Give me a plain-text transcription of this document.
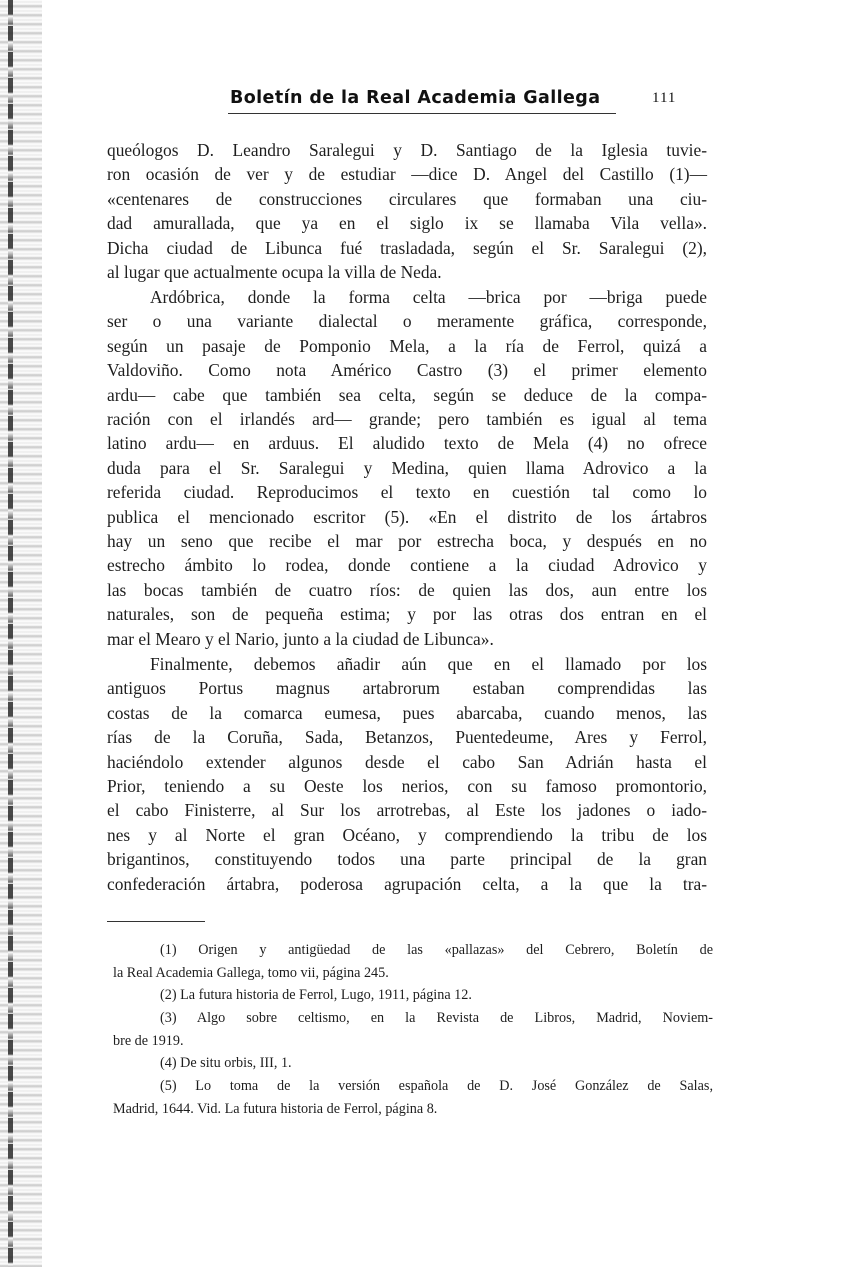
Boletín de la Real Academia Gallega	111
queólogos D. Leandro Saralegui y D. Santiago de la Iglesia tuvie-
ron ocasión de ver y de estudiar —dice D. Angel del Castillo (1)—
«centenares de construcciones circulares que formaban una ciu-
dad amurallada, que ya en el siglo ix se llamaba Vila vella».
Dicha ciudad de Libunca fué trasladada, según el Sr. Saralegui (2),
al lugar que actualmente ocupa la villa de Neda.
Ardóbrica, donde la forma celta —brica por —briga puede
ser o una variante dialectal o meramente gráfica, corresponde,
según un pasaje de Pomponio Mela, a la ría de Ferrol, quizá a
Valdoviño. Como nota Américo Castro (3) el primer elemento
ardu— cabe que también sea celta, según se deduce de la compa-
ración con el irlandés ard— grande; pero también es igual al tema
latino ardu— en arduus. El aludido texto de Mela (4) no ofrece
duda para el Sr. Saralegui y Medina, quien llama Adrovico a la
referida ciudad. Reproducimos el texto en cuestión tal como lo
publica el mencionado escritor (5). «En el distrito de los ártabros
hay un seno que recibe el mar por estrecha boca, y después en no
estrecho ámbito lo rodea, donde contiene a la ciudad Adrovico y
las bocas también de cuatro ríos: de quien las dos, aun entre los
naturales, son de pequeña estima; y por las otras dos entran en el
mar el Mearo y el Nario, junto a la ciudad de Libunca».
Finalmente, debemos añadir aún que en el llamado por los
antiguos Portus magnus artabrorum estaban comprendidas las
costas de la comarca eumesa, pues abarcaba, cuando menos, las
rías de la Coruña, Sada, Betanzos, Puentedeume, Ares y Ferrol,
haciéndolo extender algunos desde el cabo San Adrián hasta el
Prior, teniendo a su Oeste los nerios, con su famoso promontorio,
el cabo Finisterre, al Sur los arrotrebas, al Este los jadones o iado-
nes y al Norte el gran Océano, y comprendiendo la tribu de los
brigantinos, constituyendo todos una parte principal de la gran
confederación ártabra, poderosa agrupación celta, a la que la tra-
(1) Origen y antigüedad de las «pallazas» del Cebrero, Boletín de
la Real Academia Gallega, tomo vii, página 245.
(2) La futura historia de Ferrol, Lugo, 1911, página 12.
(3) Algo sobre celtismo, en la Revista de Libros, Madrid, Noviem-
bre de 1919.
(4) De situ orbis, III, 1.
(5) Lo toma de la versión española de D. José González de Salas,
Madrid, 1644. Vid. La futura historia de Ferrol, página 8.
